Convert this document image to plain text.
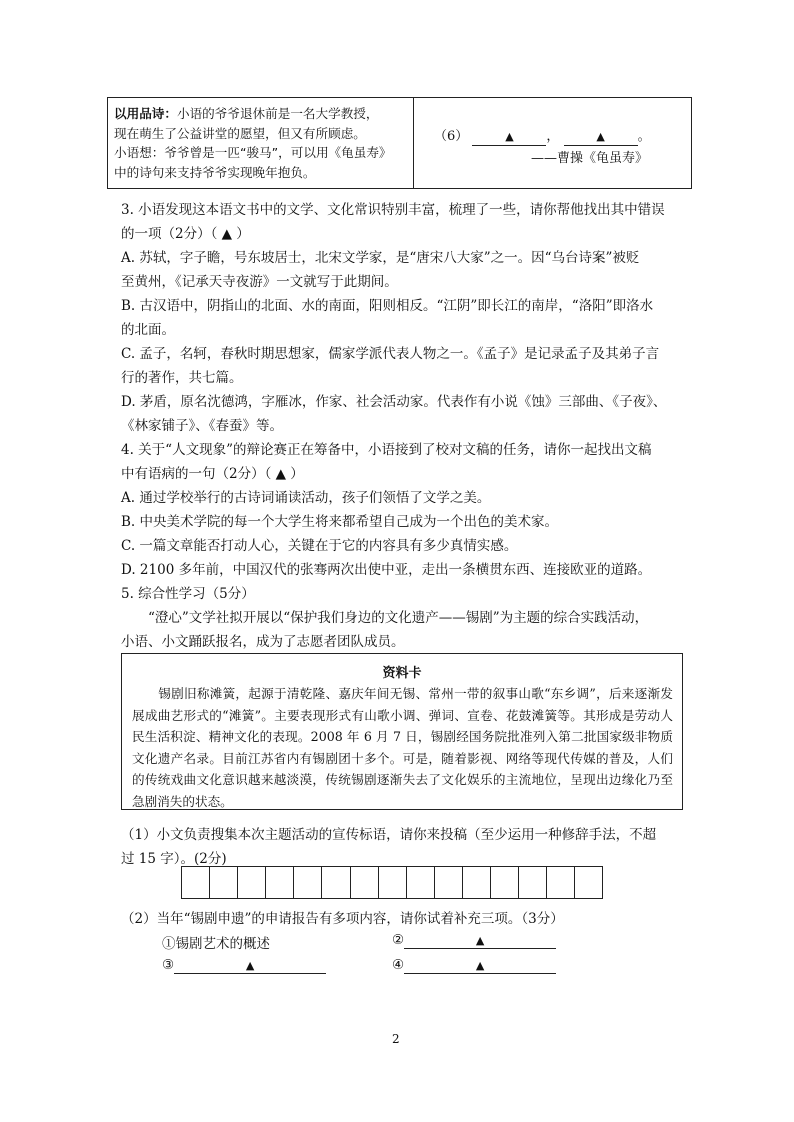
以用品诗：小语的爷爷退休前是一名大学教授，
现在萌生了公益讲堂的愿望，但又有所顾虑。
小语想：爷爷曾是一匹“骏马”，可以用《龟虽寿》
中的诗句来支持爷爷实现晚年抱负。
（6）	▲	，	▲	。
——曹操《龟虽寿》
3. 小语发现这本语文书中的文学、文化常识特别丰富，梳理了一些，请你帮他找出其中错误
的一项（2分）（ ▲ ）
A. 苏轼，字子瞻，号东坡居士，北宋文学家，是“唐宋八大家”之一。因“乌台诗案”被贬
至黄州，《记承天寺夜游》一文就写于此期间。
B. 古汉语中，阴指山的北面、水的南面，阳则相反。“江阴”即长江的南岸，“洛阳”即洛水
的北面。
C. 孟子，名轲，春秋时期思想家，儒家学派代表人物之一。《孟子》是记录孟子及其弟子言
行的著作，共七篇。
D. 茅盾，原名沈德鸿，字雁冰，作家、社会活动家。代表作有小说《蚀》三部曲、《子夜》、
《林家铺子》、《春蚕》等。
4. 关于“人文现象”的辩论赛正在筹备中，小语接到了校对文稿的任务，请你一起找出文稿
中有语病的一句（2分）（ ▲ ）
A. 通过学校举行的古诗词诵读活动，孩子们领悟了文学之美。
B. 中央美术学院的每一个大学生将来都希望自己成为一个出色的美术家。
C. 一篇文章能否打动人心，关键在于它的内容具有多少真情实感。
D. 2100 多年前，中国汉代的张骞两次出使中亚，走出一条横贯东西、连接欧亚的道路。
5. 综合性学习（5分）
“澄心”文学社拟开展以“保护我们身边的文化遗产——锡剧”为主题的综合实践活动，
小语、小文踊跃报名，成为了志愿者团队成员。
资料卡
锡剧旧称滩簧，起源于清乾隆、嘉庆年间无锡、常州一带的叙事山歌“东乡调”，后来逐渐发展成曲艺形式的“滩簧”。主要表现形式有山歌小调、弹词、宣卷、花鼓滩簧等。其形成是劳动人民生活积淀、精神文化的表现。2008 年 6 月 7 日，锡剧经国务院批准列入第二批国家级非物质文化遗产名录。目前江苏省内有锡剧团十多个。可是，随着影视、网络等现代传媒的普及，人们的传统戏曲文化意识越来越淡漠，传统锡剧逐渐失去了文化娱乐的主流地位，呈现出边缘化乃至急剧消失的状态。
（1）小文负责搜集本次主题活动的宣传标语，请你来投稿（至少运用一种修辞手法，不超
过 15 字）。(2分)
（2）当年“锡剧申遗”的申请报告有多项内容，请你试着补充三项。（3分）
①锡剧艺术的概述	②	▲
③	▲	④	▲
2
